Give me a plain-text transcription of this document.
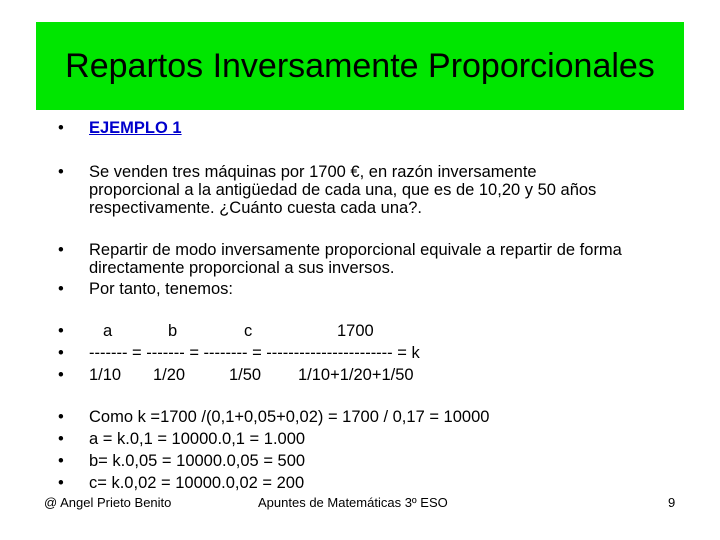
Repartos Inversamente Proporcionales
•	EJEMPLO 1
•	Se venden tres máquinas por 1700 €, en razón inversamente
proporcional a la antigüedad de cada una, que es de 10,20 y 50 años
respectivamente. ¿Cuánto cuesta cada una?.
•	Repartir de modo inversamente proporcional equivale a repartir de forma
directamente proporcional a sus inversos.
•	Por tanto, tenemos:
•	a	b	c	1700
•	------- = ------- = -------- = ----------------------- = k
•	1/10 1/20	1/50 1/10+1/20+1/50
•	Como k =1700 /(0,1+0,05+0,02) = 1700 / 0,17 = 10000
•	a = k.0,1 = 10000.0,1 = 1.000
•	b= k.0,05 = 10000.0,05 = 500
•	c= k.0,02 = 10000.0,02 = 200
@ Angel Prieto Benito	Apuntes de Matemáticas 3º ESO	9
